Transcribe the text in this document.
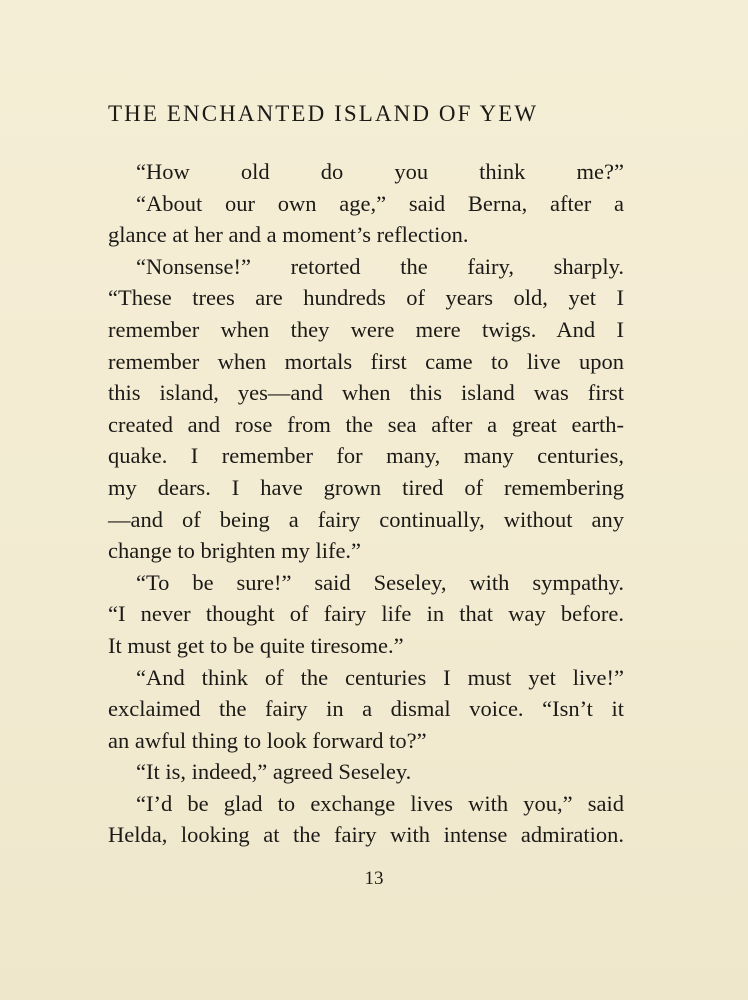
THE ENCHANTED ISLAND OF YEW
“How old do you think me?”
“About our own age,” said Berna, after a
glance at her and a moment’s reflection.
“Nonsense!” retorted the fairy, sharply.
“These trees are hundreds of years old, yet I
remember when they were mere twigs. And I
remember when mortals first came to live upon
this island, yes—and when this island was first
created and rose from the sea after a great earth-
quake. I remember for many, many centuries,
my dears. I have grown tired of remembering
—and of being a fairy continually, without any
change to brighten my life.”
“To be sure!” said Seseley, with sympathy.
“I never thought of fairy life in that way before.
It must get to be quite tiresome.”
“And think of the centuries I must yet live!”
exclaimed the fairy in a dismal voice. “Isn’t it
an awful thing to look forward to?”
“It is, indeed,” agreed Seseley.
“I’d be glad to exchange lives with you,” said
Helda, looking at the fairy with intense admiration.
13
